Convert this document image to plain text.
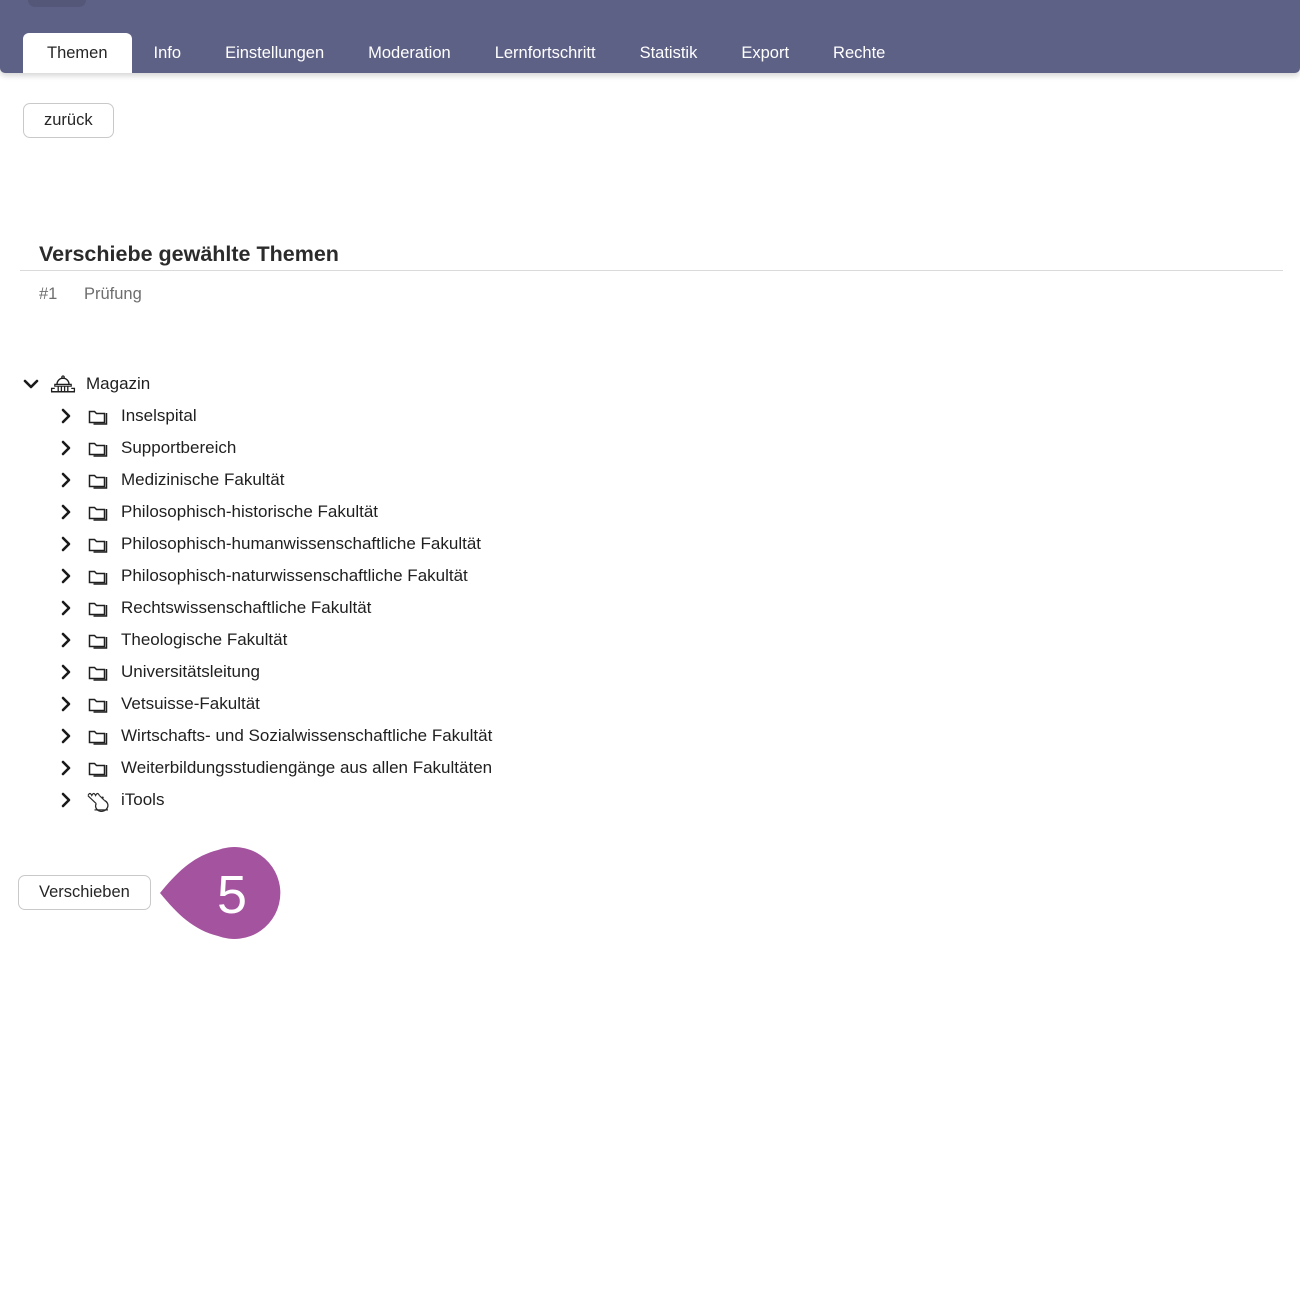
Themen	Info	Einstellungen	Moderation	Lernfortschritt	Statistik	Export	Rechte
zurück
Verschiebe gewählte Themen
#1	Prüfung
Magazin
Inselspital
Supportbereich
Medizinische Fakultät
Philosophisch-historische Fakultät
Philosophisch-humanwissenschaftliche Fakultät
Philosophisch-naturwissenschaftliche Fakultät
Rechtswissenschaftliche Fakultät
Theologische Fakultät
Universitätsleitung
Vetsuisse-Fakultät
Wirtschafts- und Sozialwissenschaftliche Fakultät
Weiterbildungsstudiengänge aus allen Fakultäten
iTools
Verschieben	5
